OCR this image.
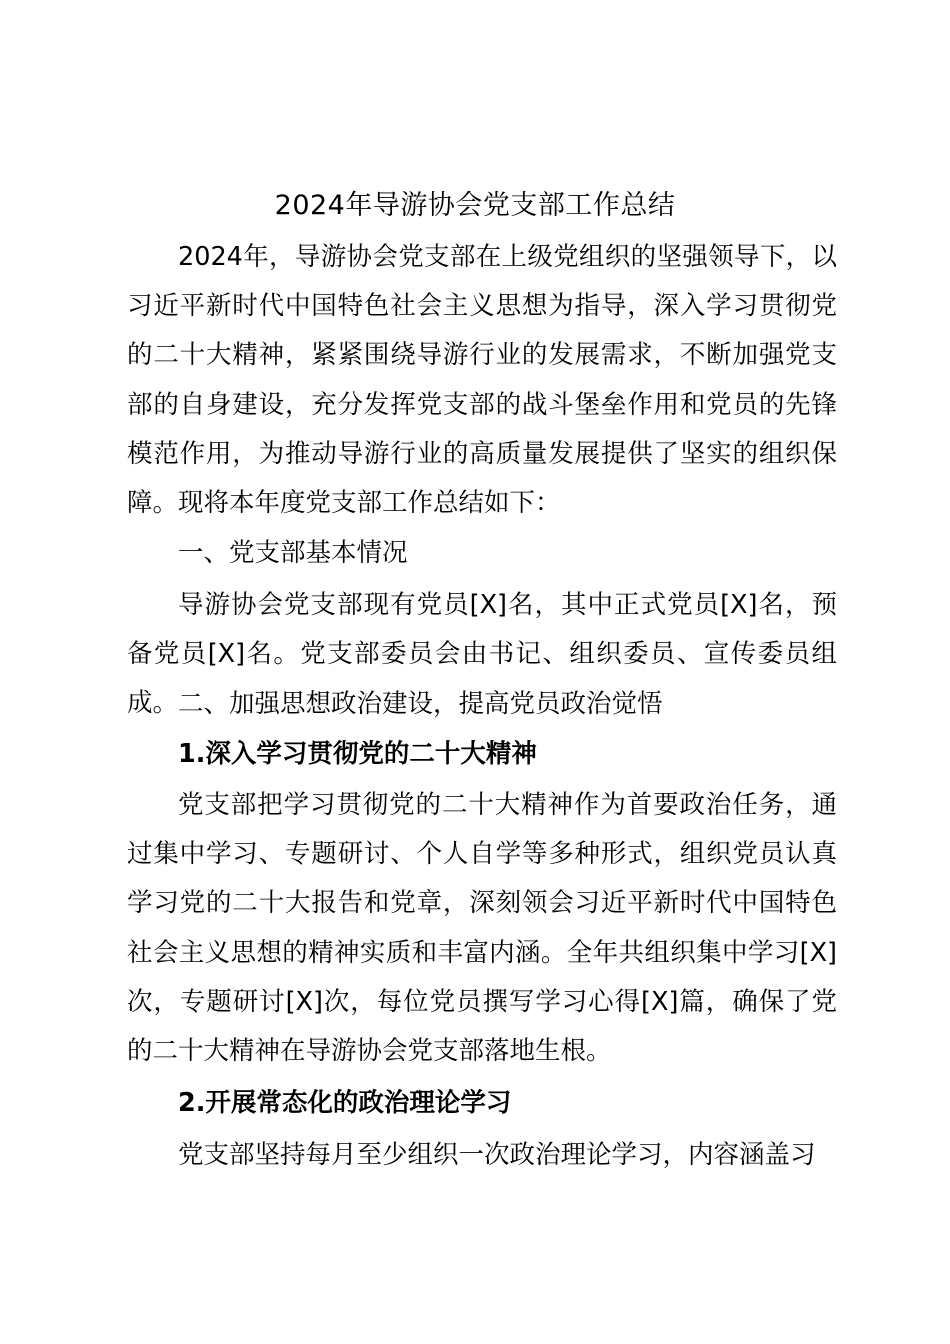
2024年导游协会党支部工作总结

2024年，导游协会党支部在上级党组织的坚强领导下，以习近平新时代中国特色社会主义思想为指导，深入学习贯彻党的二十大精神，紧紧围绕导游行业的发展需求，不断加强党支部的自身建设，充分发挥党支部的战斗堡垒作用和党员的先锋模范作用，为推动导游行业的高质量发展提供了坚实的组织保障。现将本年度党支部工作总结如下：

一、党支部基本情况

导游协会党支部现有党员[X]名，其中正式党员[X]名，预备党员[X]名。党支部委员会由书记、组织委员、宣传委员组成。 二、加强思想政治建设，提高党员政治觉悟
1.深入学习贯彻党的二十大精神

党支部把学习贯彻党的二十大精神作为首要政治任务，通过集中学习、专题研讨、个人自学等多种形式，组织党员认真学习党的二十大报告和党章，深刻领会习近平新时代中国特色社会主义思想的精神实质和丰富内涵。全年共组织集中学习[X]次，专题研讨[X]次，每位党员撰写学习心得[X]篇，确保了党的二十大精神在导游协会党支部落地生根。

2.开展常态化的政治理论学习

党支部坚持每月至少组织一次政治理论学习，内容涵盖习
